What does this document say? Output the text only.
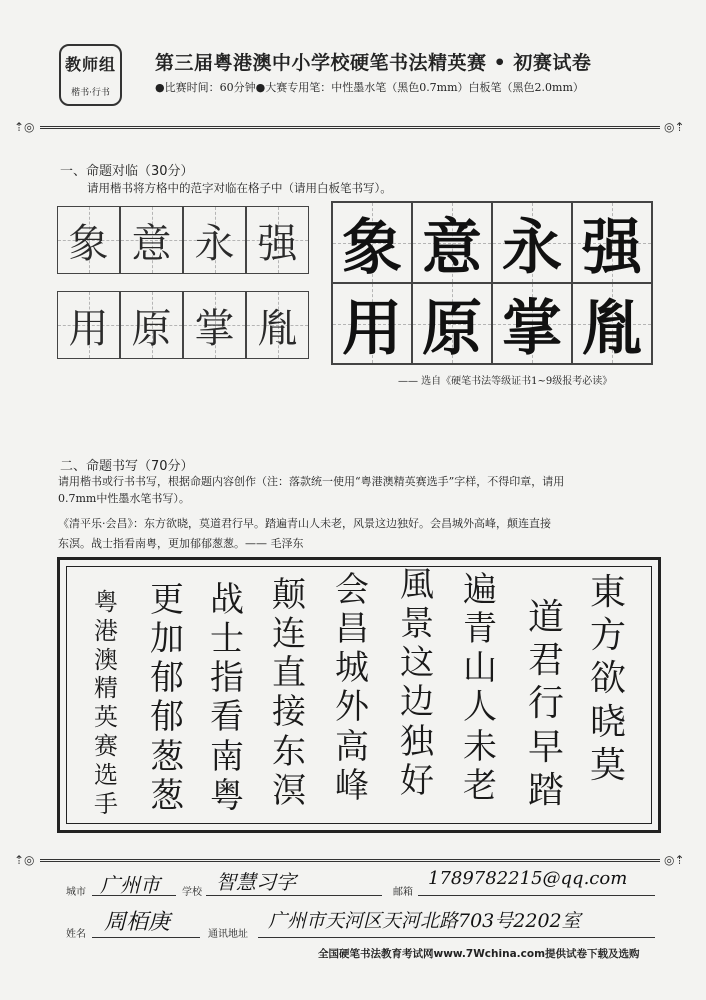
教师组
楷书·行书
第三届粤港澳中小学校硬笔书法精英赛 • 初赛试卷
●比赛时间：60分钟●大赛专用笔：中性墨水笔（黑色0.7mm）白板笔（黑色2.0mm）
⇡◎	◎⇡
一、命题对临（30分）
请用楷书将方格中的范字对临在格子中（请用白板笔书写）。
象 意 永 强
用 原 掌 胤
象 意 永 强
用 原 掌 胤
—— 选自《硬笔书法等级证书1~9级报考必读》
二、命题书写（70分）
请用楷书或行书书写，根据命题内容创作（注：落款统一使用“粤港澳精英赛选手”字样，不得印章，请用
0.7mm中性墨水笔书写）。
《清平乐·会昌》：东方欲晓，莫道君行早。踏遍青山人未老，风景这边独好。会昌城外高峰，颠连直接
东溟。战士指看南粤，更加郁郁葱葱。—— 毛泽东
東
方
欲
晓
莫
道
君
行
早
踏
遍
青
山
人
未
老
風
景
这
边
独
好
会
昌
城
外
高
峰
颠
连
直
接
东
溟
战
士
指
看
南
粤
更
加
郁
郁
葱
葱
粤
港
澳
精
英
赛
选
手
⇡◎	◎⇡
城市 广州市 学校 智慧习字	邮箱
1789782215@qq.com
姓名 周栢庚	通讯地址
广州市天河区天河北路703号2202室
全国硬笔书法教育考试网www.7Wchina.com提供试卷下载及选购
